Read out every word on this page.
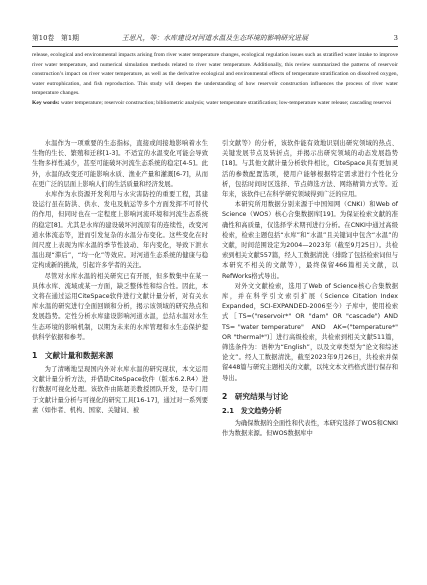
第10卷　第1期	王思凡，等：水库建设对河道水温及生态环境的影响研究进展	3

release, ecological and environmental impacts arising from river water temperature changes, ecological regulation issues such as stratified water intake to improve river water temperature, and numerical simulation methods related to river water temperature. Additionally, this review summarized the patterns of reservoir construction’s impact on river water temperature, as well as the derivative ecological and environmental effects of temperature stratification on dissolved oxygen, water eutrophication, and fish reproduction. This study will deepen the understanding of how reservoir construction influences the process of river water temperature changes.

Key words: water temperature; reservoir construction; bibliometric analysis; water temperature stratification; low-temperature water release; cascading reservoi

水温作为一项重要的生态指标，直接或间接地影响着水生生物的生长、繁殖和迁移[1-3]。不适宜的水温变化可能会导致生物多样性减少，甚至可能破坏河流生态系统的稳定[4-5]。此外，水温的改变还可能影响水质、渔业产量和灌溉[6-7]，从而在更广泛的层面上影响人们的生活质量和经济发展。

水库作为水资源开发利用与水灾害防控的重要工程，其建设运行虽在防洪、供水、发电及航运等多个方面发挥不可替代的作用，但同时也在一定程度上影响河流环境和河流生态系统的稳定[8]。尤其是水库的建设破坏河流原有的连续性，改变河道水体流态等，进而引发复杂的水温分布变化。这些变化在时间尺度上表现为库水温的季节性波动、年内变化，导致下泄水温出现“滞后”，“均一化”等效应。对河道生态系统的健康与稳定构成新的挑战，引起许多学者的关注。

尽管对水库水温的相关研究已有开展，但多数集中在某一具体水库、流域或某一方面，缺乏整体性和综合性。因此，本文将在通过运用CiteSpace软件进行文献计量分析，对有关水库水温的研究进行全面回顾和分析，揭示该领域的研究热点和发展趋势。定性分析水库建设影响河道水温，总结水温对水生生态环境的影响机制，以期为未来的水库管理和水生态保护提供科学依据和参考。

1　文献计量和数据来源

为了清晰地呈现国内外对水库水温的研究现状，本文运用文献计量分析方法，并借助CiteSpace软件（版本6.2.R4）进行数据可视化处理。该软件由陈超美教授团队开发，是专门用于文献计量分析与可视化的研究工具[16-17]，通过对一系列要素（如作者、机构、国家、关键词、被

引文献等）的分析，该软件能有效地识别出研究领域的热点、关键发展节点及转折点，并揭示出研究领域的动态发展趋势[18]。与其他文献计量分析软件相比，CiteSpace具有更加灵活的参数配置选项，使用户能够根据特定需求进行个性化分析，包括时间时区选择、节点筛选方法、网络精简方式等。近年来，该软件已在科学研究领域得到广泛的应用。

本研究所用数据分别来源于中国知网（CNKI）和Web of Science（WOS）核心合集数据库[19]。为保证检索文献的准确性和高质量，仅选择学术期刊进行分析。在CNKI中通过高级检索，检索主题包括“水库”和“水温”且关键词中包含“水温”的文献，时间范围设定为2004—2023年（截至9月25日）。共检索到相关文献557篇，经人工数据清洗（排除了包括检索词但与本研究不相关的文献等），最终保留466篇相关文献，以RefWorks格式导出。

对外文文献检索，选用了Web of Science核心合集数据库，并在科学引文索引扩展（Science Citation Index Expanded，SCI-EXPANDED-2006至今）子库中，使用检索式［TS=("reservoir*" OR "dam" OR "cascade") AND TS= "water temperature"　AND　AK=("temperature*" OR "thermal*")］进行高级检索，共检索到相关文献511篇，筛选条件为：语种为“English”，以及文章类型为“论文和综述论文”。经人工数据清洗，截至2023年9月26日，共检索并保留448篇与研究主题相关的文献，以纯文本文档格式进行保存和导出。

2　研究结果与讨论
2.1　发文趋势分析

为确保数据的全面性和代表性，本研究选择了WOS和CNKI作为数据来源。但WOS数据库中
